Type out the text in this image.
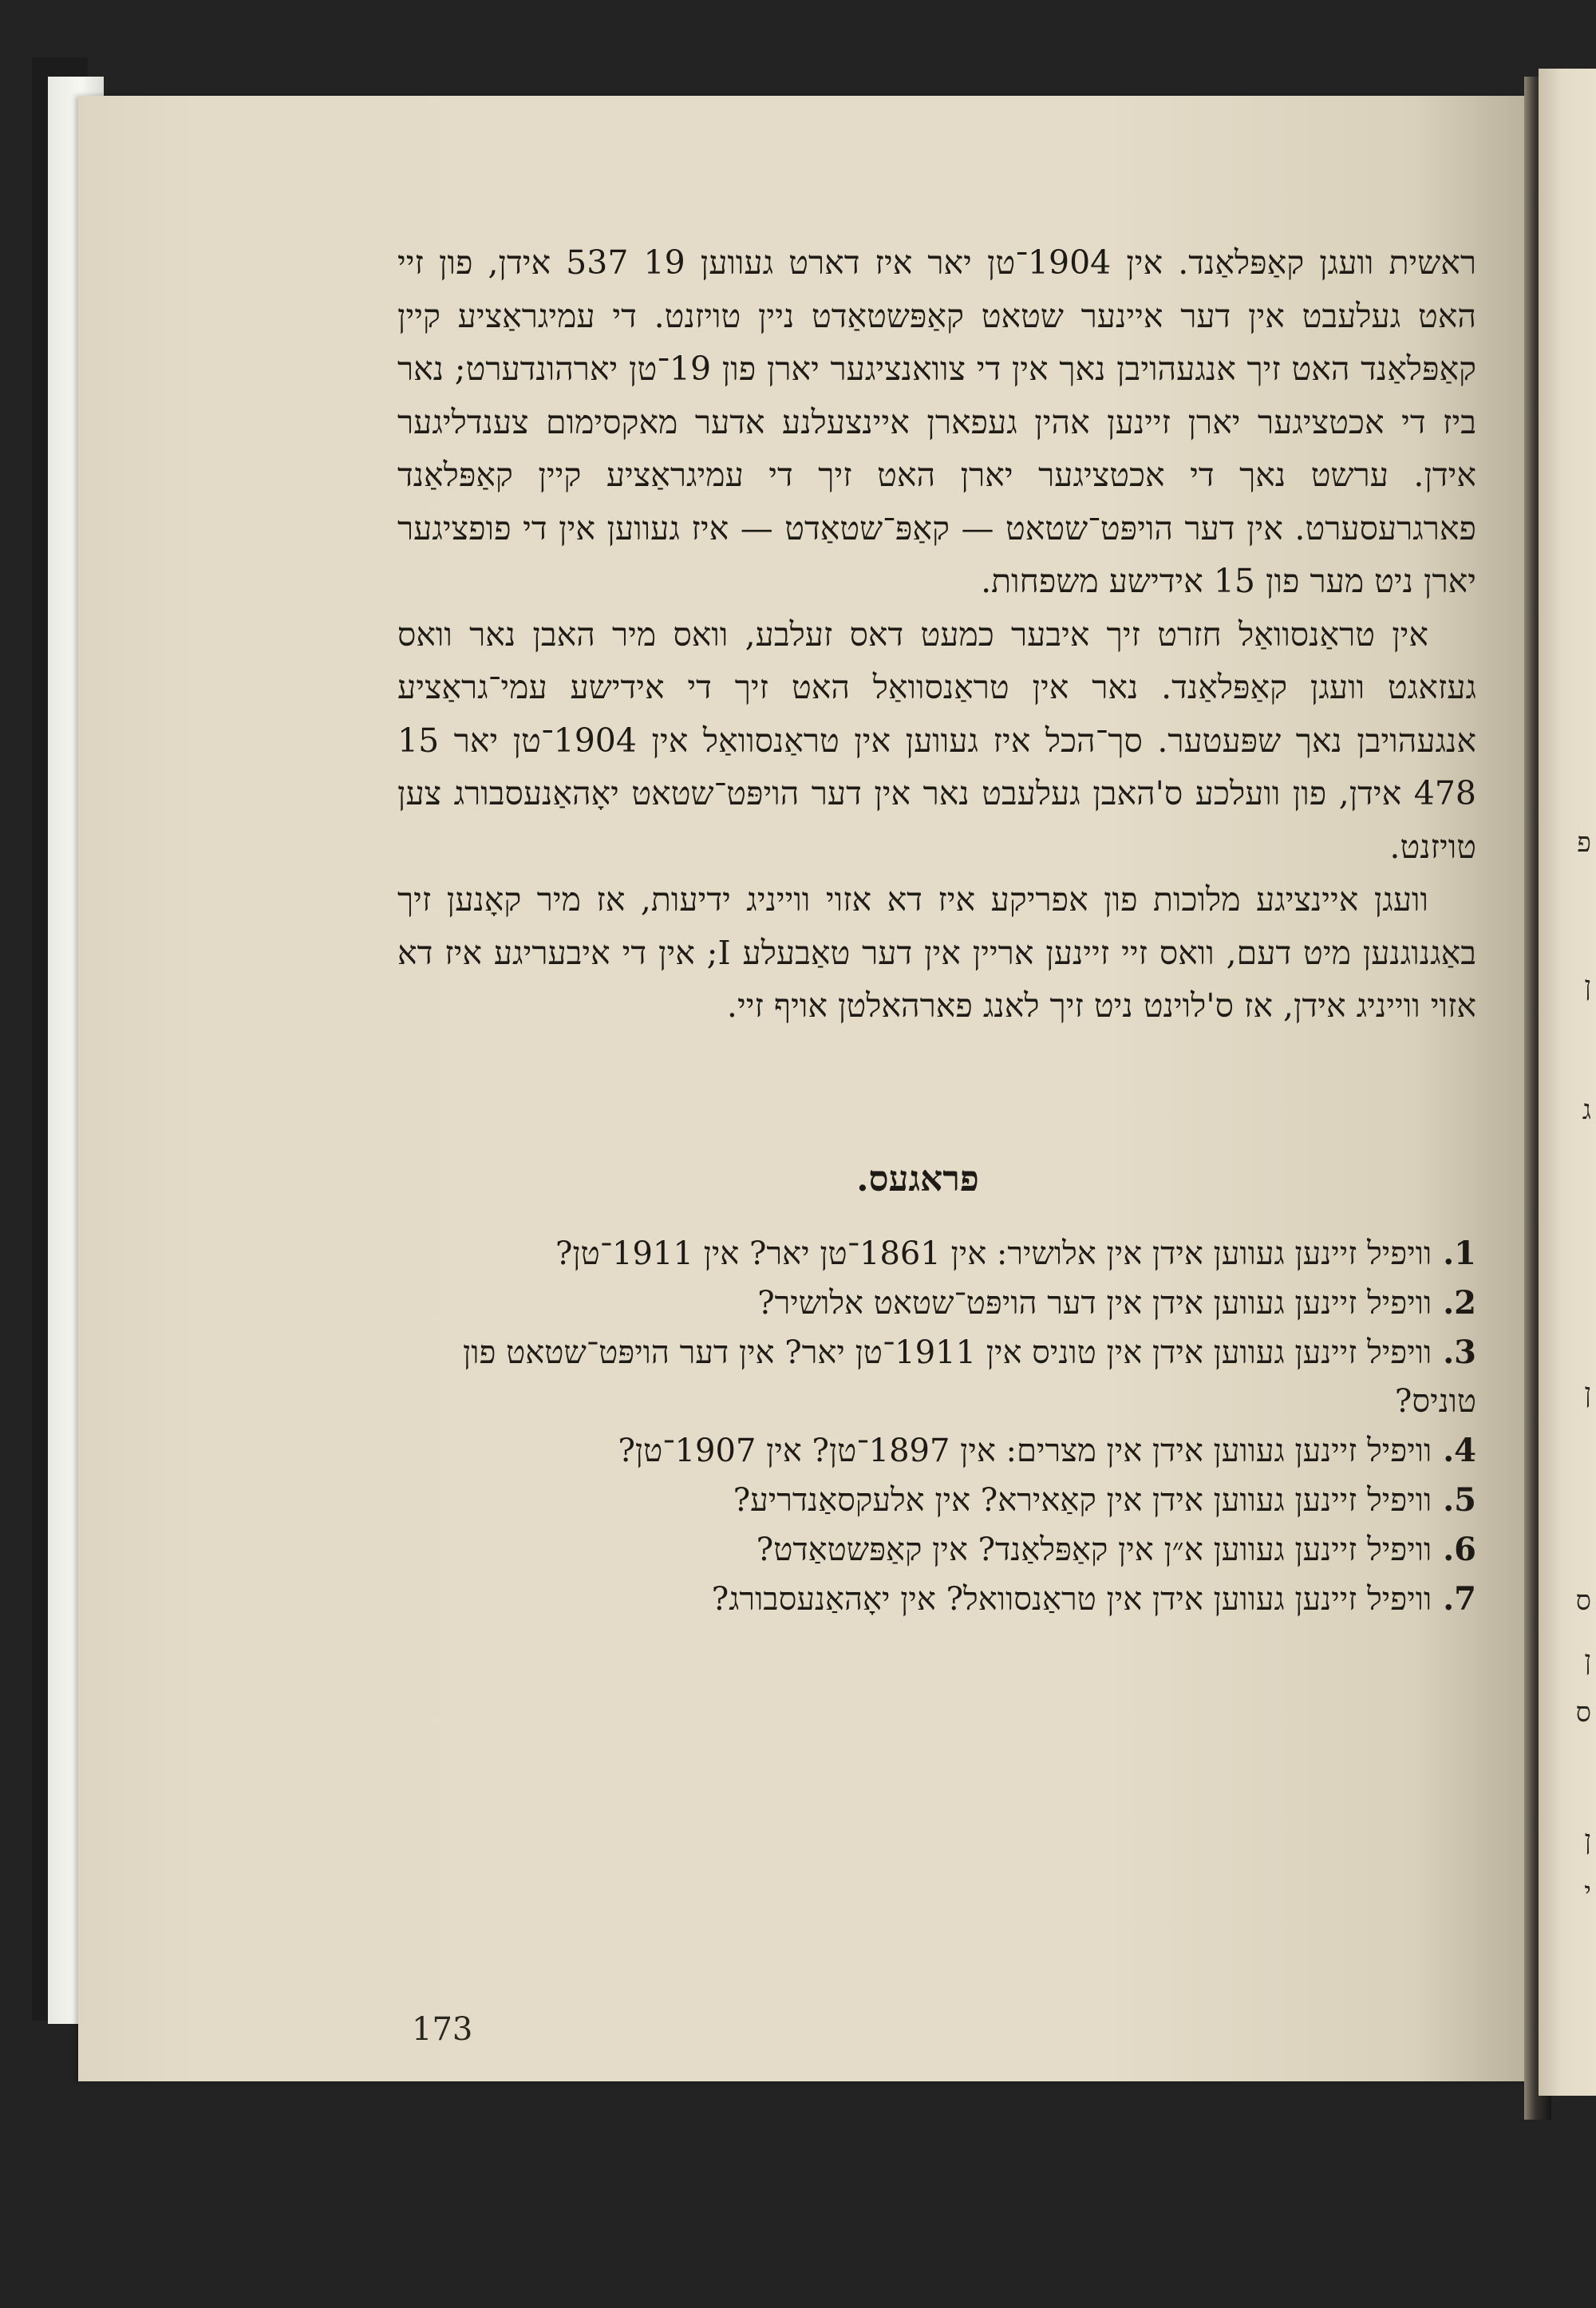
ראשית וועגן קאַפּלאַנד. אין 1904־טן יאר איז דארט געווען 19 537 אידן, פון זיי האט געלעבט אין דער איינער שטאט קאַפּשטאַדט ניין טויזנט. די עמיגראַציע קיין קאַפּלאַנד האט זיך אנגעהויבן נאך אין די צוואנציגער יארן פון 19־טן יארהונדערט; נאר ביז די אכטציגער יארן זיינען אהין געפארן איינצעלנע אדער מאקסימום צענדליגער אידן. ערשט נאך די אכטציגער יארן האט זיך די עמיגראַציע קיין קאַפּלאַנד פארגרעסערט. אין דער הויפּט־שטאט — קאַפּ־שטאַדט — איז געווען אין די פופציגער יארן ניט מער פון 15 אידישע משפחות.

אין טראַנסוואַל חזרט זיך איבער כמעט דאס זעלבע, וואס מיר האבן נאר וואס געזאגט וועגן קאַפּלאַנד. נאר אין טראַנסוואַל האט זיך די אידישע עמי־גראַציע אנגעהויבן נאך שפּעטער. סך־הכל איז געווען אין טראַנסוואַל אין 1904־טן יאר 15 478 אידן, פון וועלכע ס'האבן געלעבט נאר אין דער הויפּט־שטאט יאָהאַנעסבורג צען טויזנט.

וועגן איינציגע מלוכות פון אפריקע איז דא אזוי ווייניג ידיעות, אז מיר קאָנען זיך באַגנוגנען מיט דעם, וואס זיי זיינען אריין אין דער טאַבעלע I; אין די איבעריגע איז דא אזוי ווייניג אידן, אז ס'לוינט ניט זיך לאנג פארהאלטן אויף זיי.

פראגעס.

1.וויפיל זיינען געווען אידן אין אלושיר: אין 1861־טן יאר? אין 1911־טן?

2.וויפיל זיינען געווען אידן אין דער הויפּט־שטאט אלושיר?

3.וויפיל זיינען געווען אידן אין טוניס אין 1911־טן יאר? אין דער הויפּט־שטאט פון טוניס?

4.וויפיל זיינען געווען אידן אין מצרים: אין 1897־טן? אין 1907־טן?

5.וויפיל זיינען געווען אידן אין קאַאירא? אין אלעקסאַנדריע?

6.וויפיל זיינען געווען א״ן אין קאַפּלאַנד? אין קאַפּשטאַדט?

7.וויפיל זיינען געווען אידן אין טראַנסוואל? אין יאָהאַנעסבורג?

173
פ
ן
ג
ן
ס
ן
ס
ן
י
